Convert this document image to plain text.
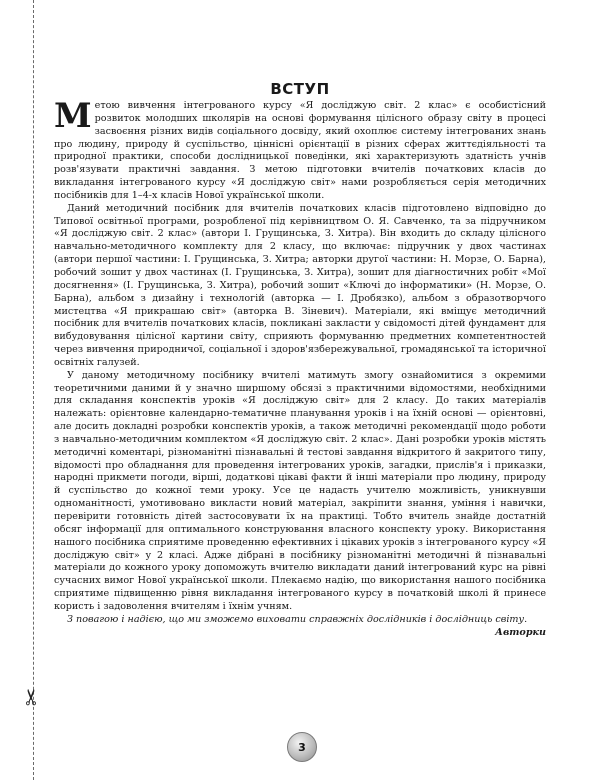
✂
ВСТУП

Метою вивчення інтегрованого курсу «Я досліджую світ. 2 клас» є особистісний розвиток молодших школярів на основі формування цілісного образу світу в процесі засвоєння різних видів соціального досвіду, який охоплює систему інтегрованих знань про людину, природу й суспільство, ціннісні орієнтації в різних сферах життєдіяльності та природної практики, способи дослідницької поведінки, які характеризують здатність учнів розв'язувати практичні завдання. З метою підготовки вчителів початкових класів до викладання інтегрованого курсу «Я досліджую світ» нами розробляється серія методичних посібників для 1–4-х класів Нової української школи.

Даний методичний посібник для вчителів початкових класів підготовлено відповідно до Типової освітньої програми, розробленої під керівництвом О. Я. Савченко, та за підручником «Я досліджую світ. 2 клас» (автори І. Грущинська, З. Хитра). Він входить до складу цілісного навчально-методичного комплекту для 2 класу, що включає: підручник у двох частинах (автори першої частини: І. Грущинська, З. Хитра; авторки другої частини: Н. Морзе, О. Барна), робочий зошит у двох частинах (І. Грущинська, З. Хитра), зошит для діагностичних робіт «Мої досягнення» (І. Грущинська, З. Хитра), робочий зошит «Ключі до інформатики» (Н. Морзе, О. Барна), альбом з дизайну і технологій (авторка — І. Дробязко), альбом з образотворчого мистецтва «Я прикрашаю світ» (авторка В. Зіневич). Матеріали, які вміщує методичний посібник для вчителів початкових класів, покликані закласти у свідомості дітей фундамент для вибудовування цілісної картини світу, сприяють формуванню предметних компетентностей через вивчення природничої, соціальної і здоров'язбережувальної, громадянської та історичної освітніх галузей.

У даному методичному посібнику вчителі матимуть змогу ознайомитися з окремими теоретичними даними й у значно ширшому обсязі з практичними відомостями, необхідними для складання конспектів уроків «Я досліджую світ» для 2 класу. До таких матеріалів належать: орієнтовне календарно-тематичне планування уроків і на їхній основі — орієнтовні, але досить докладні розробки конспектів уроків, а також методичні рекомендації щодо роботи з навчально-методичним комплектом «Я досліджую світ. 2 клас». Дані розробки уроків містять методичні коментарі, різноманітні пізнавальні й тестові завдання відкритого й закритого типу, відомості про обладнання для проведення інтегрованих уроків, загадки, прислів'я і приказки, народні прикмети погоди, вірші, додаткові цікаві факти й інші матеріали про людину, природу й суспільство до кожної теми уроку. Усе це надасть учителю можливість, уникнувши одноманітності, умотивовано викласти новий матеріал, закріпити знання, уміння і навички, перевірити готовність дітей застосовувати їх на практиці. Тобто вчитель знайде достатній обсяг інформації для оптимального конструювання власного конспекту уроку. Використання нашого посібника сприятиме проведенню ефективних і цікавих уроків з інтегрованого курсу «Я досліджую світ» у 2 класі. Адже дібрані в посібнику різноманітні методичні й пізнавальні матеріали до кожного уроку допоможуть вчителю викладати даний інтегрований курс на рівні сучасних вимог Нової української школи. Плекаємо надію, що використання нашого посібника сприятиме підвищенню рівня викладання інтегрованого курсу в початковій школі й принесе користь і задоволення вчителям і їхнім учням.

З повагою і надією, що ми зможемо виховати справжніх дослідників і дослідниць світу.

Авторки

3
